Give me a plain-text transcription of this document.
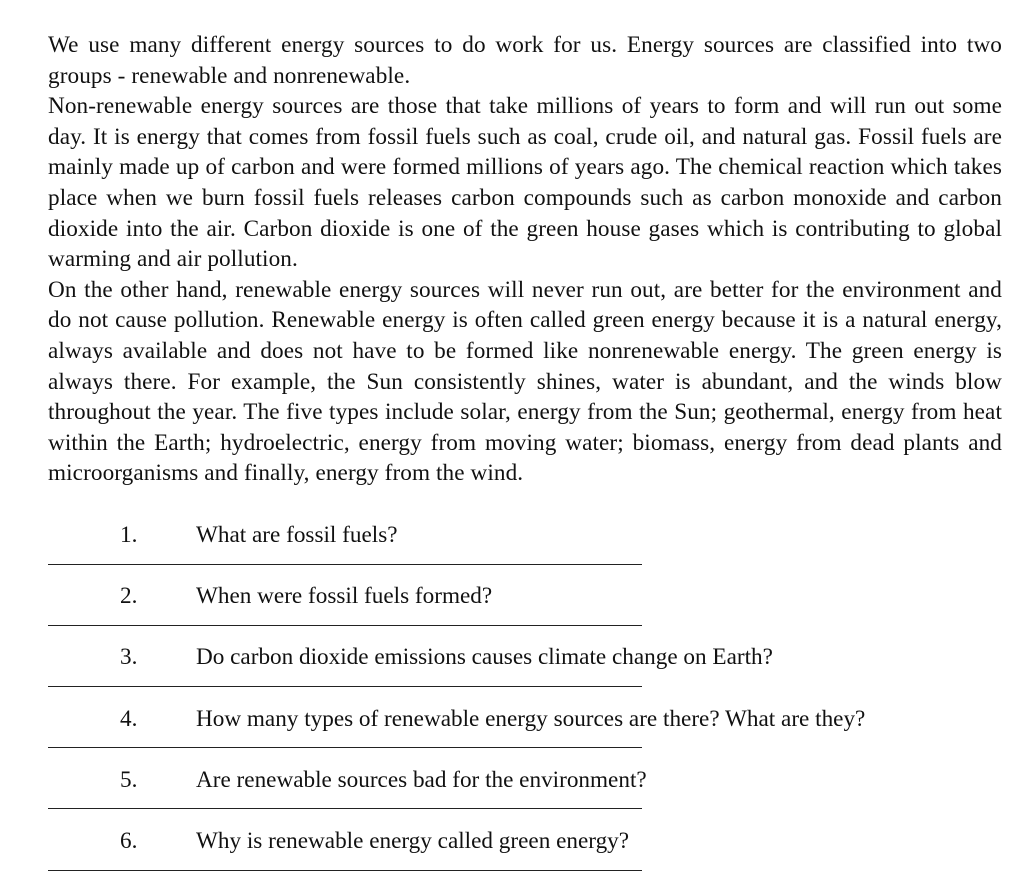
We use many different energy sources to do work for us. Energy sources are classified into two groups - renewable and nonrenewable.

Non-renewable energy sources are those that take millions of years to form and will run out some day. It is energy that comes from fossil fuels such as coal, crude oil, and natural gas. Fossil fuels are mainly made up of carbon and were formed millions of years ago. The chemical reaction which takes place when we burn fossil fuels releases carbon compounds such as carbon monoxide and carbon dioxide into the air. Carbon dioxide is one of the green house gases which is contributing to global warming and air pollution.

On the other hand, renewable energy sources will never run out, are better for the environment and do not cause pollution. Renewable energy is often called green energy because it is a natural energy, always available and does not have to be formed like nonrenewable energy. The green energy is always there. For example, the Sun consistently shines, water is abundant, and the winds blow throughout the year. The five types include solar, energy from the Sun; geothermal, energy from heat within the Earth; hydroelectric, energy from moving water; biomass, energy from dead plants and microorganisms and finally, energy from the wind.

1.	What are fossil fuels?
2.	When were fossil fuels formed?
3.	Do carbon dioxide emissions causes climate change on Earth?
4.	How many types of renewable energy sources are there? What are they?
5.	Are renewable sources bad for the environment?
6.	Why is renewable energy called green energy?
